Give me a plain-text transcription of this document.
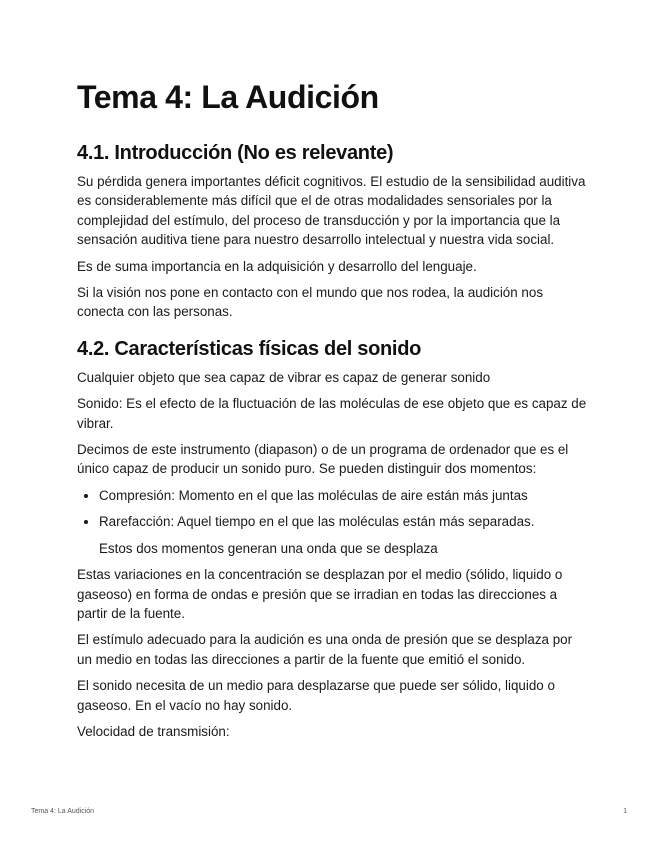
Tema 4: La Audición
4.1. Introducción (No es relevante)

Su pérdida genera importantes déficit cognitivos. El estudio de la sensibilidad auditiva es considerablemente más difícil que el de otras modalidades sensoriales por la complejidad del estímulo, del proceso de transducción y por la importancia que la sensación auditiva tiene para nuestro desarrollo intelectual y nuestra vida social.

Es de suma importancia en la adquisición y desarrollo del lenguaje.

Si la visión nos pone en contacto con el mundo que nos rodea, la audición nos conecta con las personas.

4.2. Características físicas del sonido

Cualquier objeto que sea capaz de vibrar es capaz de generar sonido

Sonido: Es el efecto de la fluctuación de las moléculas de ese objeto que es capaz de vibrar.

Decimos de este instrumento (diapason) o de un programa de ordenador que es el único capaz de producir un sonido puro. Se pueden distinguir dos momentos:

• Compresión: Momento en el que las moléculas de aire están más juntas
• Rarefacción: Aquel tiempo en el que las moléculas están más separadas.

Estos dos momentos generan una onda que se desplaza

Estas variaciones en la concentración se desplazan por el medio (sólido, liquido o gaseoso) en forma de ondas e presión que se irradian en todas las direcciones a partir de la fuente.

El estímulo adecuado para la audición es una onda de presión que se desplaza por un medio en todas las direcciones a partir de la fuente que emitió el sonido.

El sonido necesita de un medio para desplazarse que puede ser sólido, liquido o gaseoso. En el vacío no hay sonido.

Velocidad de transmisión:

Tema 4: La Audición	1
